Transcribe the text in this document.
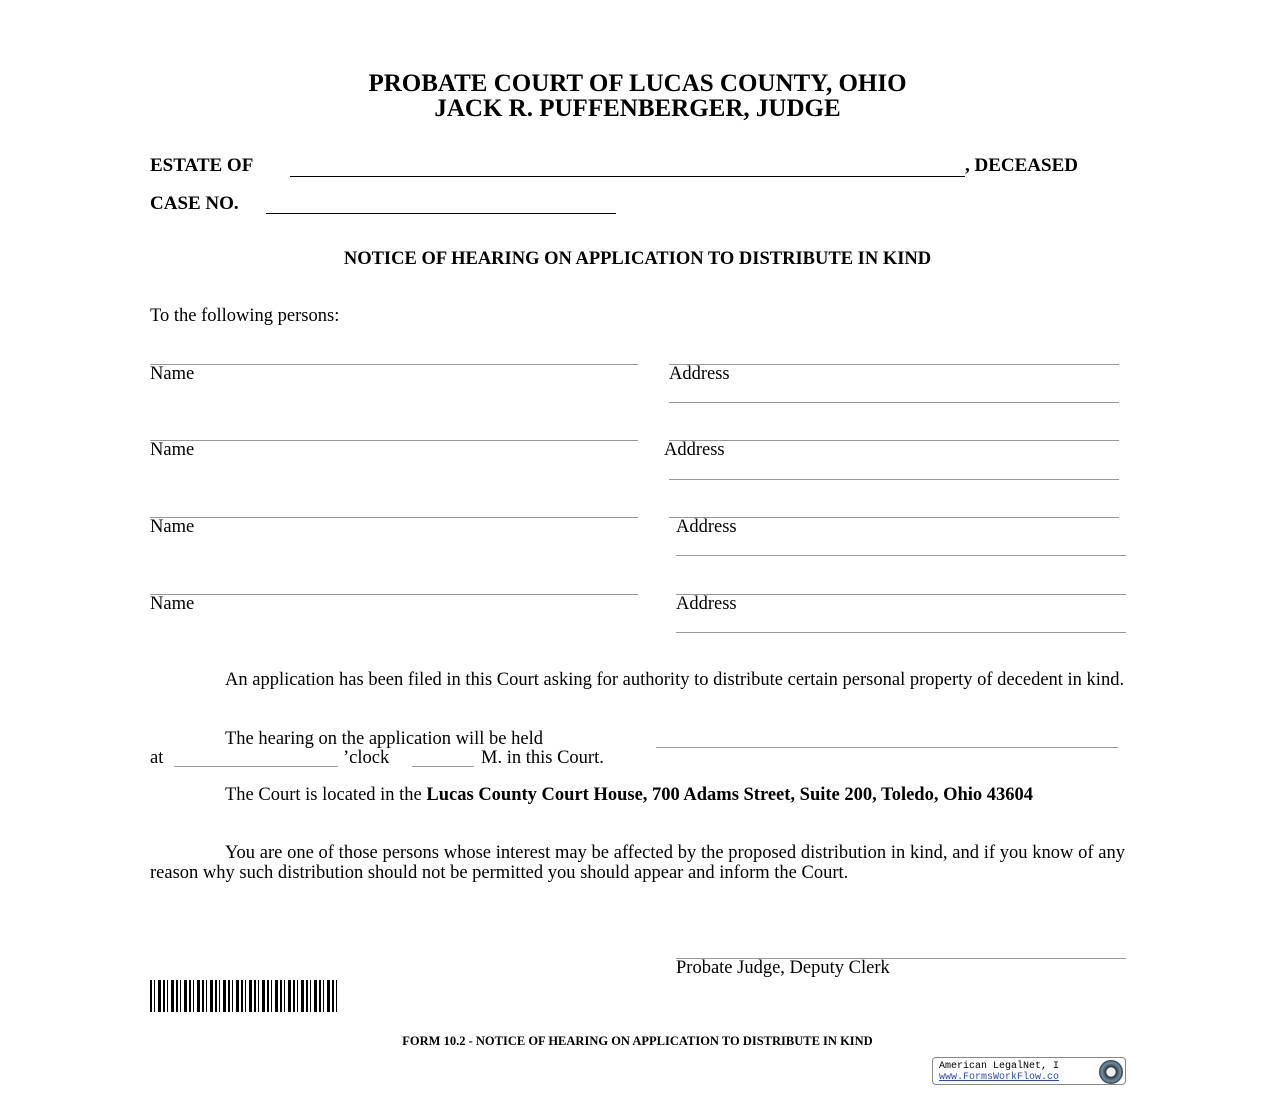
PROBATE COURT OF LUCAS COUNTY, OHIO
JACK R. PUFFENBERGER, JUDGE
ESTATE OF	, DECEASED
CASE NO.
NOTICE OF HEARING ON APPLICATION TO DISTRIBUTE IN KIND
To the following persons:
Name	Address
Name	Address
Name	Address
Name	Address
An application has been filed in this Court asking for authority to distribute certain personal property of decedent in kind.
The hearing on the application will be held
at	’clock	M. in this Court.
The Court is located in the Lucas County Court House, 700 Adams Street, Suite 200, Toledo, Ohio 43604
You are one of those persons whose interest may be affected by the proposed distribution in kind, and if you know of any reason why such distribution should not be permitted you should appear and inform the Court.
Probate Judge, Deputy Clerk
FORM 10.2 - NOTICE OF HEARING ON APPLICATION TO DISTRIBUTE IN KIND
American LegalNet, I
www.FormsWorkFlow.co
